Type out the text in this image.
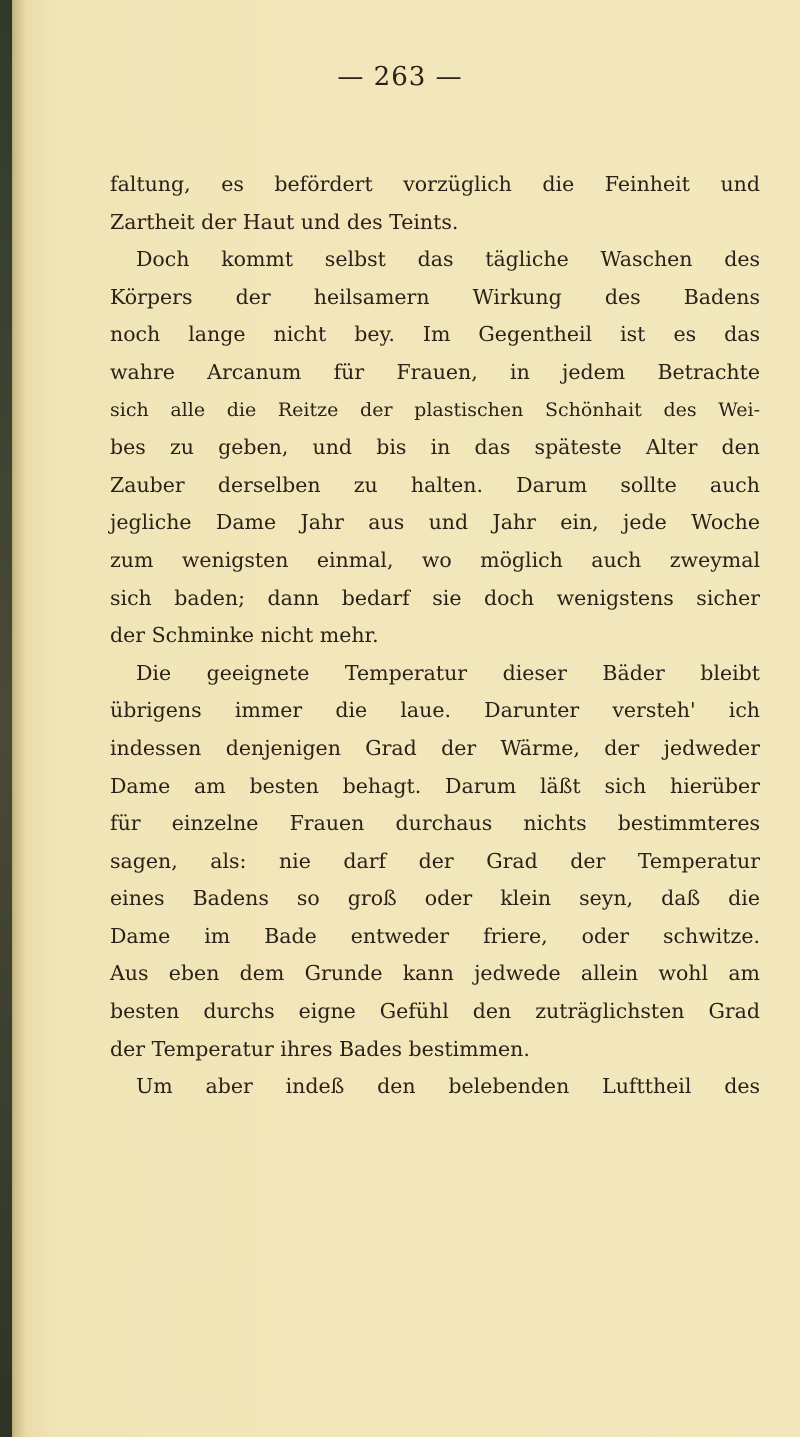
— 263 —
faltung, es befördert vorzüglich die Feinheit und
Zartheit der Haut und des Teints.
Doch kommt selbst das tägliche Waschen des
Körpers der heilsamern Wirkung des Badens
noch lange nicht bey. Im Gegentheil ist es das
wahre Arcanum für Frauen, in jedem Betrachte
sich alle die Reitze der plastischen Schönhait des Wei-
bes zu geben, und bis in das späteste Alter den
Zauber derselben zu halten. Darum sollte auch
jegliche Dame Jahr aus und Jahr ein, jede Woche
zum wenigsten einmal, wo möglich auch zweymal
sich baden; dann bedarf sie doch wenigstens sicher
der Schminke nicht mehr.
Die geeignete Temperatur dieser Bäder bleibt
übrigens immer die laue. Darunter versteh' ich
indessen denjenigen Grad der Wärme, der jedweder
Dame am besten behagt. Darum läßt sich hierüber
für einzelne Frauen durchaus nichts bestimmteres
sagen, als: nie darf der Grad der Temperatur
eines Badens so groß oder klein seyn, daß die
Dame im Bade entweder friere, oder schwitze.
Aus eben dem Grunde kann jedwede allein wohl am
besten durchs eigne Gefühl den zuträglichsten Grad
der Temperatur ihres Bades bestimmen.
Um aber indeß den belebenden Lufttheil des
